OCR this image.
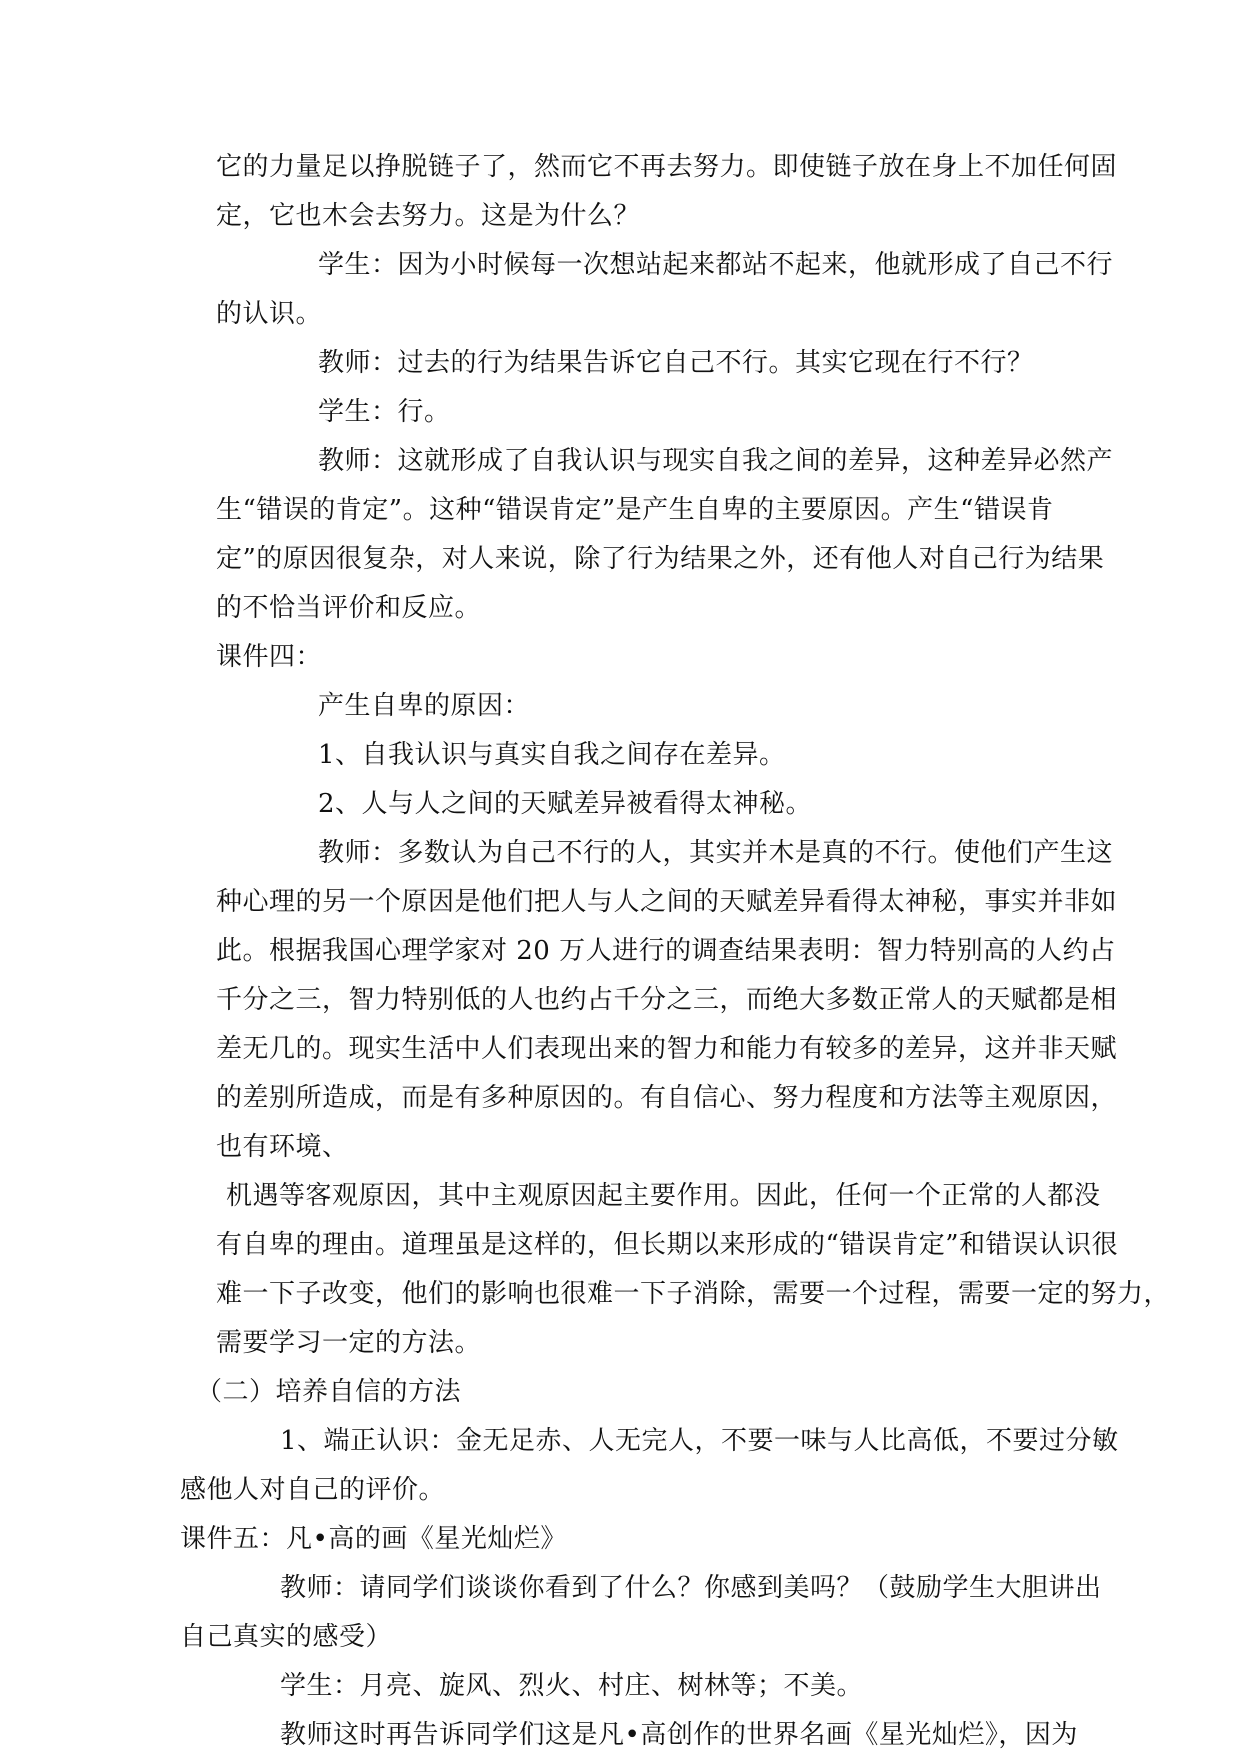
它的力量足以挣脱链子了，然而它不再去努力。即使链子放在身上不加任何固
定，它也木会去努力。这是为什么？
学生：因为小时候每一次想站起来都站不起来，他就形成了自己不行
的认识。
教师：过去的行为结果告诉它自己不行。其实它现在行不行？
学生：行。
教师：这就形成了自我认识与现实自我之间的差异，这种差异必然产
生“错误的肯定”。这种“错误肯定”是产生自卑的主要原因。产生“错误肯
定”的原因很复杂，对人来说，除了行为结果之外，还有他人对自己行为结果
的不恰当评价和反应。
课件四：
产生自卑的原因：
1、自我认识与真实自我之间存在差异。
2、人与人之间的天赋差异被看得太神秘。
教师：多数认为自己不行的人，其实并木是真的不行。使他们产生这
种心理的另一个原因是他们把人与人之间的天赋差异看得太神秘，事实并非如
此。根据我国心理学家对 20 万人进行的调查结果表明：智力特别高的人约占
千分之三，智力特别低的人也约占千分之三，而绝大多数正常人的天赋都是相
差无几的。现实生活中人们表现出来的智力和能力有较多的差异，这并非天赋
的差别所造成，而是有多种原因的。有自信心、努力程度和方法等主观原因，
也有环境、
机遇等客观原因，其中主观原因起主要作用。因此，任何一个正常的人都没
有自卑的理由。道理虽是这样的，但长期以来形成的“错误肯定”和错误认识很
难一下子改变，他们的影响也很难一下子消除，需要一个过程，需要一定的努力，
需要学习一定的方法。
（二）培养自信的方法
1、端正认识：金无足赤、人无完人，不要一味与人比高低，不要过分敏
感他人对自己的评价。
课件五：凡•高的画《星光灿烂》
教师：请同学们谈谈你看到了什么？你感到美吗？（鼓励学生大胆讲出
自己真实的感受）
学生：月亮、旋风、烈火、村庄、树林等；不美。
教师这时再告诉同学们这是凡•高创作的世界名画《星光灿烂》，因为
